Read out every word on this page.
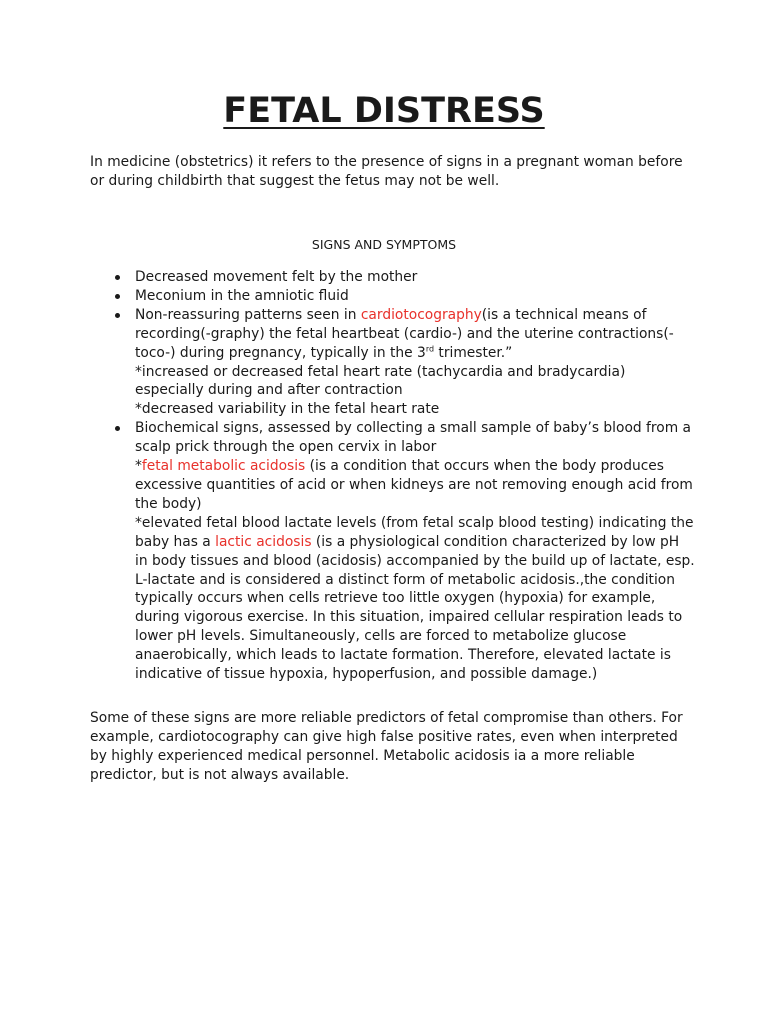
FETAL DISTRESS

In medicine (obstetrics) it refers to the presence of signs in a pregnant woman before or during childbirth that suggest the fetus may not be well.

SIGNS AND SYMPTOMS

Decreased movement felt by the mother
Meconium in the amniotic fluid
Non-reassuring patterns seen in cardiotocography(is a technical means of recording(-graphy) the fetal heartbeat (cardio-) and the uterine contractions(-toco-) during pregnancy, typically in the 3rd trimester.”
*increased or decreased fetal heart rate (tachycardia and bradycardia) especially during and after contraction
*decreased variability in the fetal heart rate
Biochemical signs, assessed by collecting a small sample of baby’s blood from a scalp prick through the open cervix in labor
*fetal metabolic acidosis (is a condition that occurs when the body produces excessive quantities of acid or when kidneys are not removing enough acid from the body)
*elevated fetal blood lactate levels (from fetal scalp blood testing) indicating the baby has a lactic acidosis (is a physiological condition characterized by low pH in body tissues and blood (acidosis) accompanied by the build up of lactate, esp. L-lactate and is considered a distinct form of metabolic acidosis.,the condition typically occurs when cells retrieve too little oxygen (hypoxia) for example, during vigorous exercise. In this situation, impaired cellular respiration leads to lower pH levels. Simultaneously, cells are forced to metabolize glucose anaerobically, which leads to lactate formation. Therefore, elevated lactate is indicative of tissue hypoxia, hypoperfusion, and possible damage.)

Some of these signs are more reliable predictors of fetal compromise than others. For example, cardiotocography can give high false positive rates, even when interpreted by highly experienced medical personnel. Metabolic acidosis ia a more reliable predictor, but is not always available.
